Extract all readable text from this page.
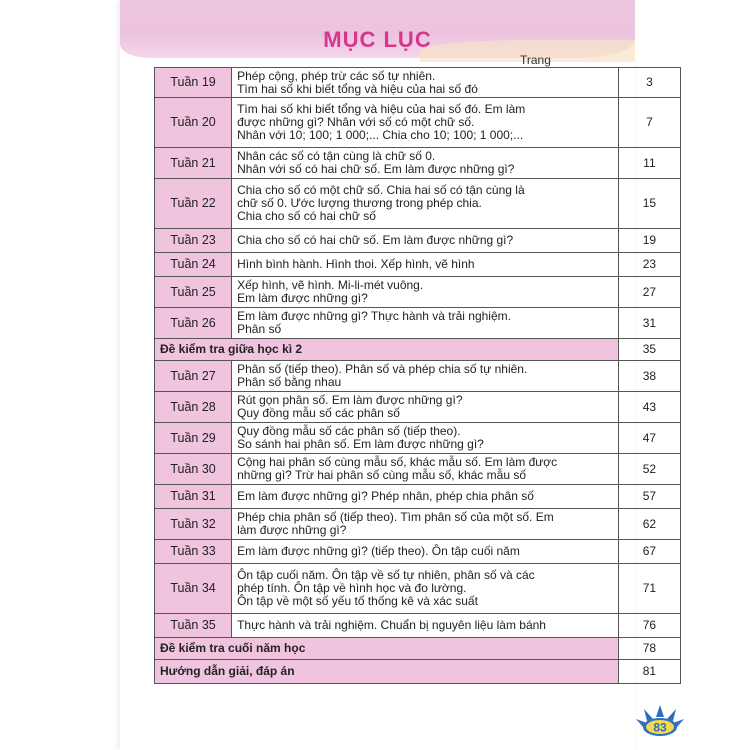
MỤC LỤC
Trang
Tuần 19	Phép cộng, phép trừ các số tự nhiên.
Tìm hai số khi biết tổng và hiệu của hai số đó	3
Tuần 20	Tìm hai số khi biết tổng và hiệu của hai số đó. Em làm
được những gì? Nhân với số có một chữ số.
Nhân với 10; 100; 1 000;... Chia cho 10; 100; 1 000;...	7
Tuần 21	Nhân các số có tận cùng là chữ số 0.
Nhân với số có hai chữ số. Em làm được những gì?	11
Tuần 22	Chia cho số có một chữ số. Chia hai số có tận cùng là
chữ số 0. Ước lượng thương trong phép chia.
Chia cho số có hai chữ số	15
Tuần 23	Chia cho số có hai chữ số. Em làm được những gì?	19
Tuần 24	Hình bình hành. Hình thoi. Xếp hình, vẽ hình	23
Tuần 25	Xếp hình, vẽ hình. Mi-li-mét vuông.
Em làm được những gì?	27
Tuần 26	Em làm được những gì? Thực hành và trải nghiệm.
Phân số	31
Đề kiểm tra giữa học kì 2		35
Tuần 27	Phân số (tiếp theo). Phân số và phép chia số tự nhiên.
Phân số bằng nhau	38
Tuần 28	Rút gọn phân số. Em làm được những gì?
Quy đồng mẫu số các phân số	43
Tuần 29	Quy đồng mẫu số các phân số (tiếp theo).
So sánh hai phân số. Em làm được những gì?	47
Tuần 30	Cộng hai phân số cùng mẫu số, khác mẫu số. Em làm được
những gì? Trừ hai phân số cùng mẫu số, khác mẫu số	52
Tuần 31	Em làm được những gì? Phép nhân, phép chia phân số	57
Tuần 32	Phép chia phân số (tiếp theo). Tìm phân số của một số. Em
làm được những gì?	62
Tuần 33	Em làm được những gì? (tiếp theo). Ôn tập cuối năm	67
Tuần 34	Ôn tập cuối năm. Ôn tập về số tự nhiên, phân số và các
phép tính. Ôn tập về hình học và đo lường.
Ôn tập về một số yếu tố thống kê và xác suất	71
Tuần 35	Thực hành và trải nghiệm. Chuẩn bị nguyên liệu làm bánh	76
Đề kiểm tra cuối năm học		78
Hướng dẫn giải, đáp án		81
83
